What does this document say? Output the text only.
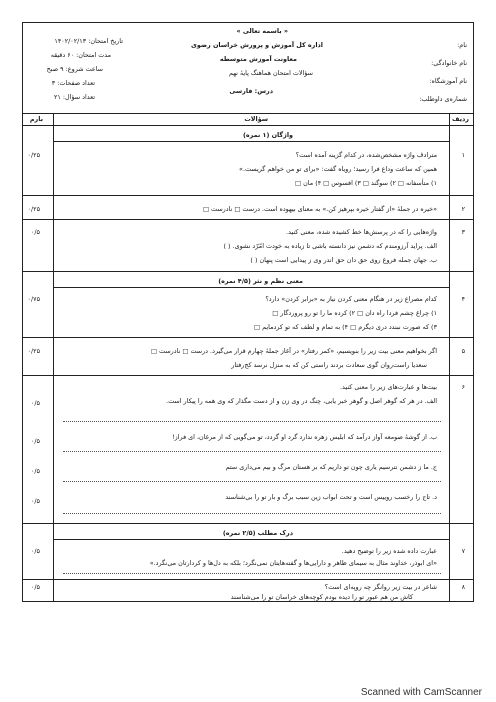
« باسمه تعالی »
اداره کل آموزش و پرورش خراسان رضوی
معاونت آموزش متوسطه
سؤالات امتحان هماهنگ پایهٔ نهم
درس: فارسی
تاریخ امتحان: ۱۴۰۲/۰۲/۱۳
مدت امتحان: ۶۰ دقیقه
ساعت شروع: ۹ صبح
تعداد صفحات: ۳
تعداد سؤال: ۲۱
نام:
نام خانوادگی:
نام آموزشگاه:
شماره‌ی داوطلب:
ردیف
سؤالات
بارم
واژگان (۱ نمره)
۰/۲۵	۱
مترادف واژه مشخص‌شده، در کدام گزینه آمده است؟
همین که ساعت وداع فرا رسید؛ رویاه گفت: «برای تو من خواهم گریست.»
۱) متأسفانه □ ۲) سوگند □ ۳) افسوس □ ۴) مان □
۰/۲۵	۲
«خیره در جملهٔ «از گفتار خیره بپرهیز کن.» به معنای بیهوده است. درست □ نادرست □
۰/۵	۳
واژه‌هایی را که در پرسش‌ها خط کشیده شده، معنی کنید.
الف. پراید آرزومندم که دشمن نیز دانسته باشی تا زیاده به خودت امّرّد نشوی. ( )
ب. جهان جمله فروغ روی حق دان حق اندر وی ز پیدایی است پنهان ( )
معنی نظم و نثر (۴/۵ نمره)
۰/۷۵	۴
کدام مصراع زیر در هنگام معنی کردن نیاز به «برابر کردن» دارد؟
۱) چراغ چشم فردا راه دان □ ۲) کرده ما را تو رو پروردگار □
۳) که صورت نبندد دری دیگرم □ ۴) به تمام و لطف که تو کردمایم □
۰/۲۵	۵
اگر بخواهیم معنی بیت زیر را بنویسیم، «کمر رفتار» در آغاز جملهٔ چهارم قرار می‌گیرد. درست □ نادرست □
سعدیا راست‌روان گوی سعادت بردند راستی کن که به منزل نرسد کج‌رفتار
۰/۵
۶
بیت‌ها و عبارت‌های زیر را معنی کنید.
الف. در هر که گوهر اصل و گوهر خبر یابی، چنگ در وی زن و از دست مگذار که وی همه را پیکار است.
۰/۵	ب. از گوشهٔ صومعه آواز درآمد که ابلیس زهره ندارد گرد او گردد، تو می‌گویی که از مرغان، ای فراز!
۰/۵	ج. ما ز دشمن نترسیم یاری چون تو داریم که بر هستان مرگ و بیم می‌داری ستم
۰/۵	د. تاج را رخسب روییس است و تحت ابواب زین سبب برگ و بار تو را بی‌شناسند
درک مطلب (۲/۵ نمره)
۰/۵	۷
عبارت داده شده زیر را توضیح دهید.
«ای ابوذر، خداوند مثال به سیمای ظاهر و دارایی‌ها و گفته‌هایتان نمی‌نگرد؛ بلکه به دل‌ها و کردارتان می‌نگرد.»
۰/۵	۸
شاعر در بیت زیر روانگر چه روپه‌ای است؟
کاش من هم عبور تو را دیده بودم کوچه‌های خراسان تو را می‌شناسند
Scanned with CamScanner
